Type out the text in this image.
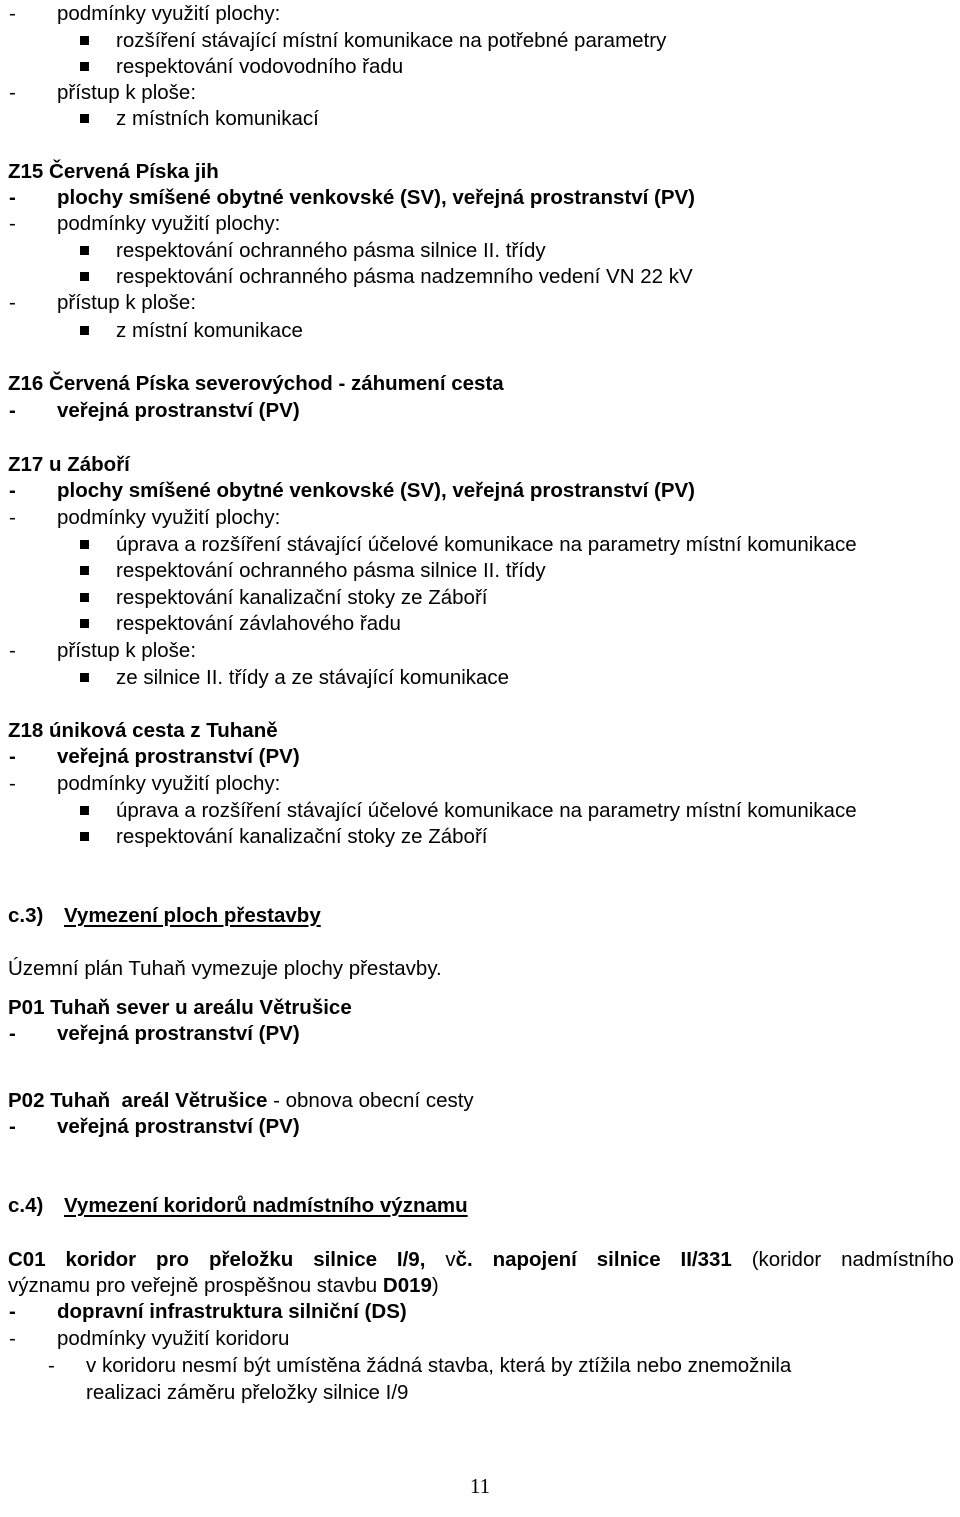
- podmínky využití plochy:
rozšíření stávající místní komunikace na potřebné parametry
respektování vodovodního řadu
- přístup k ploše:
z místních komunikací
Z15 Červená Píska jih
- plochy smíšené obytné venkovské (SV), veřejná prostranství (PV)
- podmínky využití plochy:
respektování ochranného pásma silnice II. třídy
respektování ochranného pásma nadzemního vedení VN 22 kV
- přístup k ploše:
z místní komunikace
Z16 Červená Píska severovýchod - záhumení cesta
- veřejná prostranství (PV)
Z17 u Záboří
- plochy smíšené obytné venkovské (SV), veřejná prostranství (PV)
- podmínky využití plochy:
úprava a rozšíření stávající účelové komunikace na parametry místní komunikace
respektování ochranného pásma silnice II. třídy
respektování kanalizační stoky ze Záboří
respektování závlahového řadu
- přístup k ploše:
ze silnice II. třídy a ze stávající komunikace
Z18 úniková cesta z Tuhaně
- veřejná prostranství (PV)
- podmínky využití plochy:
úprava a rozšíření stávající účelové komunikace na parametry místní komunikace
respektování kanalizační stoky ze Záboří
c.3) Vymezení ploch přestavby
Územní plán Tuhaň vymezuje plochy přestavby.
P01 Tuhaň sever u areálu Větrušice
- veřejná prostranství (PV)
P02 Tuhaň  areál Větrušice - obnova obecní cesty
- veřejná prostranství (PV)
c.4) Vymezení koridorů nadmístního významu
C01 koridor pro přeložku silnice I/9, vč. napojení silnice II/331 (koridor nadmístního
významu pro veřejně prospěšnou stavbu D019)
- dopravní infrastruktura silniční (DS)
- podmínky využití koridoru
- v koridoru nesmí být umístěna žádná stavba, která by ztížila nebo znemožnila
realizaci záměru přeložky silnice I/9
11
